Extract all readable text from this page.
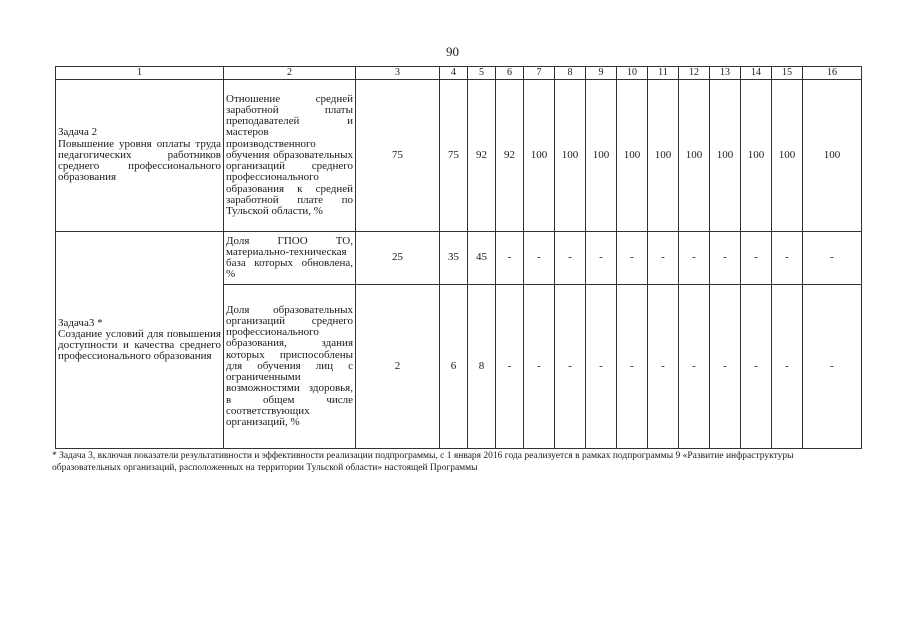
90
1	2	3	4	5	6	7	8	9	10	11	12	13	14	15	16

Задача 2
Повышение уровня оплаты труда педагогических работников среднего профессионального образования	Отношение средней заработной платы преподавателей и мастеров производственного обучения образовательных организаций среднего профессионального образования к средней заработной плате по Тульской области, %	75	75	92	92	100	100	100	100	100	100	100	100	100	100

Задача3 *
Создание условий для повышения доступности и качества среднего профессионального образования	Доля ГПОО ТО, материально-техническая база которых обновлена, %	25	35	45	-	-	-	-	-	-	-	-	-	-	-
	Доля образовательных организаций среднего профессионального образования, здания которых приспособлены для обучения лиц с ограниченными возможностями здоровья, в общем числе соответствующих организаций, %	2	6	8	-	-	-	-	-	-	-	-	-	-	-
* Задача 3, включая показатели результативности и эффективности реализации подпрограммы, с 1 января 2016 года реализуется в рамках подпрограммы 9 «Развитие инфраструктуры образовательных организаций, расположенных на территории Тульской области» настоящей Программы
